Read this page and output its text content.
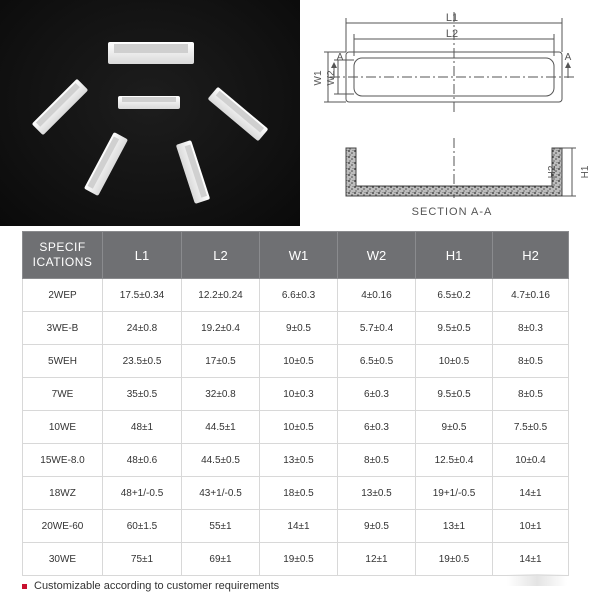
L1
L2
W1 W2
A	A
H1
H2
SECTION A-A
SPECIF
ICATIONS	L1	L2	W1	W2	H1	H2
2WEP	17.5±0.34	12.2±0.24	6.6±0.3	4±0.16	6.5±0.2	4.7±0.16
3WE-B	24±0.8	19.2±0.4	9±0.5	5.7±0.4	9.5±0.5	8±0.3
5WEH	23.5±0.5	17±0.5	10±0.5	6.5±0.5	10±0.5	8±0.5
7WE	35±0.5	32±0.8	10±0.3	6±0.3	9.5±0.5	8±0.5
10WE	48±1	44.5±1	10±0.5	6±0.3	9±0.5	7.5±0.5
15WE-8.0	48±0.6	44.5±0.5	13±0.5	8±0.5	12.5±0.4	10±0.4
18WZ	48+1/-0.5	43+1/-0.5	18±0.5	13±0.5	19+1/-0.5	14±1
20WE-60	60±1.5	55±1	14±1	9±0.5	13±1	10±1
30WE	75±1	69±1	19±0.5	12±1	19±0.5	14±1
Customizable according to customer requirements
